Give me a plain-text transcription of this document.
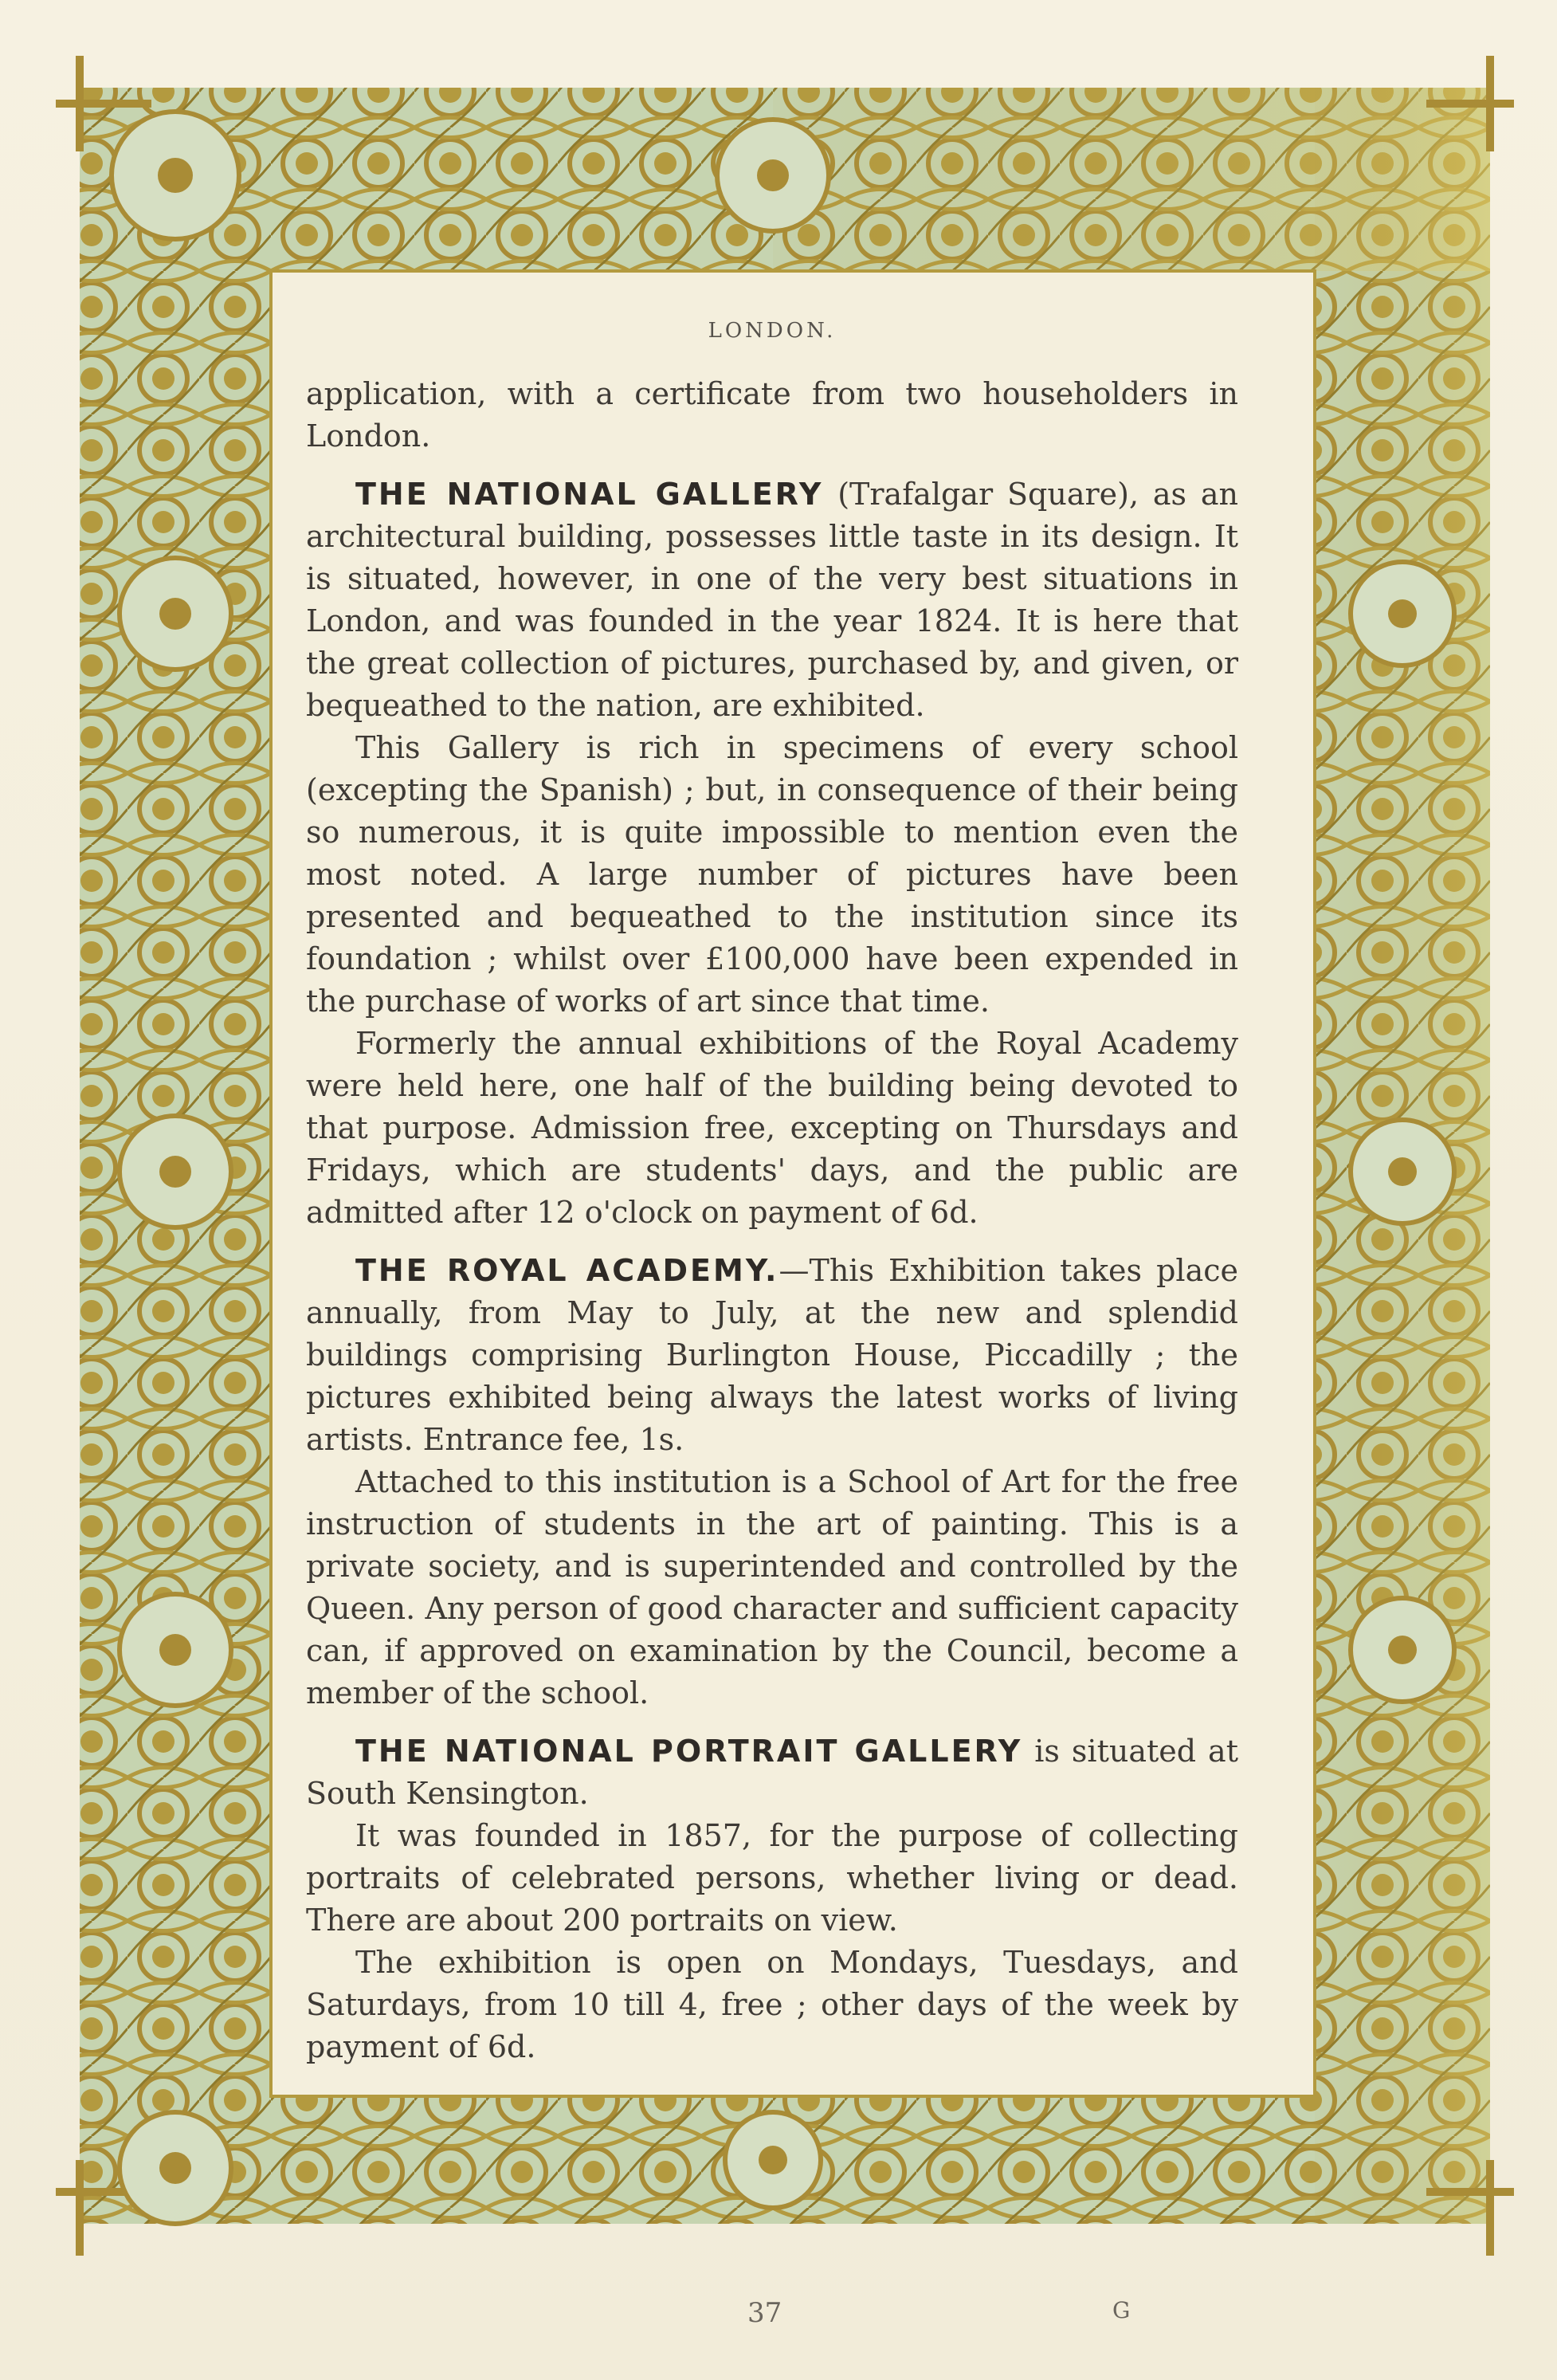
LONDON.

application, with a certificate from two householders in London.

THE NATIONAL GALLERY (Trafalgar Square), as an architectural building, possesses little taste in its design. It is situated, however, in one of the very best situations in London, and was founded in the year 1824. It is here that the great collection of pictures, purchased by, and given, or bequeathed to the nation, are exhibited.

This Gallery is rich in specimens of every school (excepting the Spanish) ; but, in consequence of their being so numerous, it is quite impossible to mention even the most noted. A large number of pictures have been presented and bequeathed to the institution since its foundation ; whilst over £100,000 have been expended in the purchase of works of art since that time.

Formerly the annual exhibitions of the Royal Academy were held here, one half of the building being devoted to that purpose. Admission free, excepting on Thursdays and Fridays, which are students' days, and the public are admitted after 12 o'clock on payment of 6d.

THE ROYAL ACADEMY.—This Exhibition takes place annually, from May to July, at the new and splendid buildings comprising Burlington House, Piccadilly ; the pictures exhibited being always the latest works of living artists. Entrance fee, 1s.

Attached to this institution is a School of Art for the free instruction of students in the art of painting. This is a private society, and is superintended and controlled by the Queen. Any person of good character and sufficient capacity can, if approved on examination by the Council, become a member of the school.

THE NATIONAL PORTRAIT GALLERY is situated at South Kensington.

It was founded in 1857, for the purpose of collecting portraits of celebrated persons, whether living or dead. There are about 200 portraits on view.

The exhibition is open on Mondays, Tuesdays, and Saturdays, from 10 till 4, free ; other days of the week by payment of 6d.

37	G
